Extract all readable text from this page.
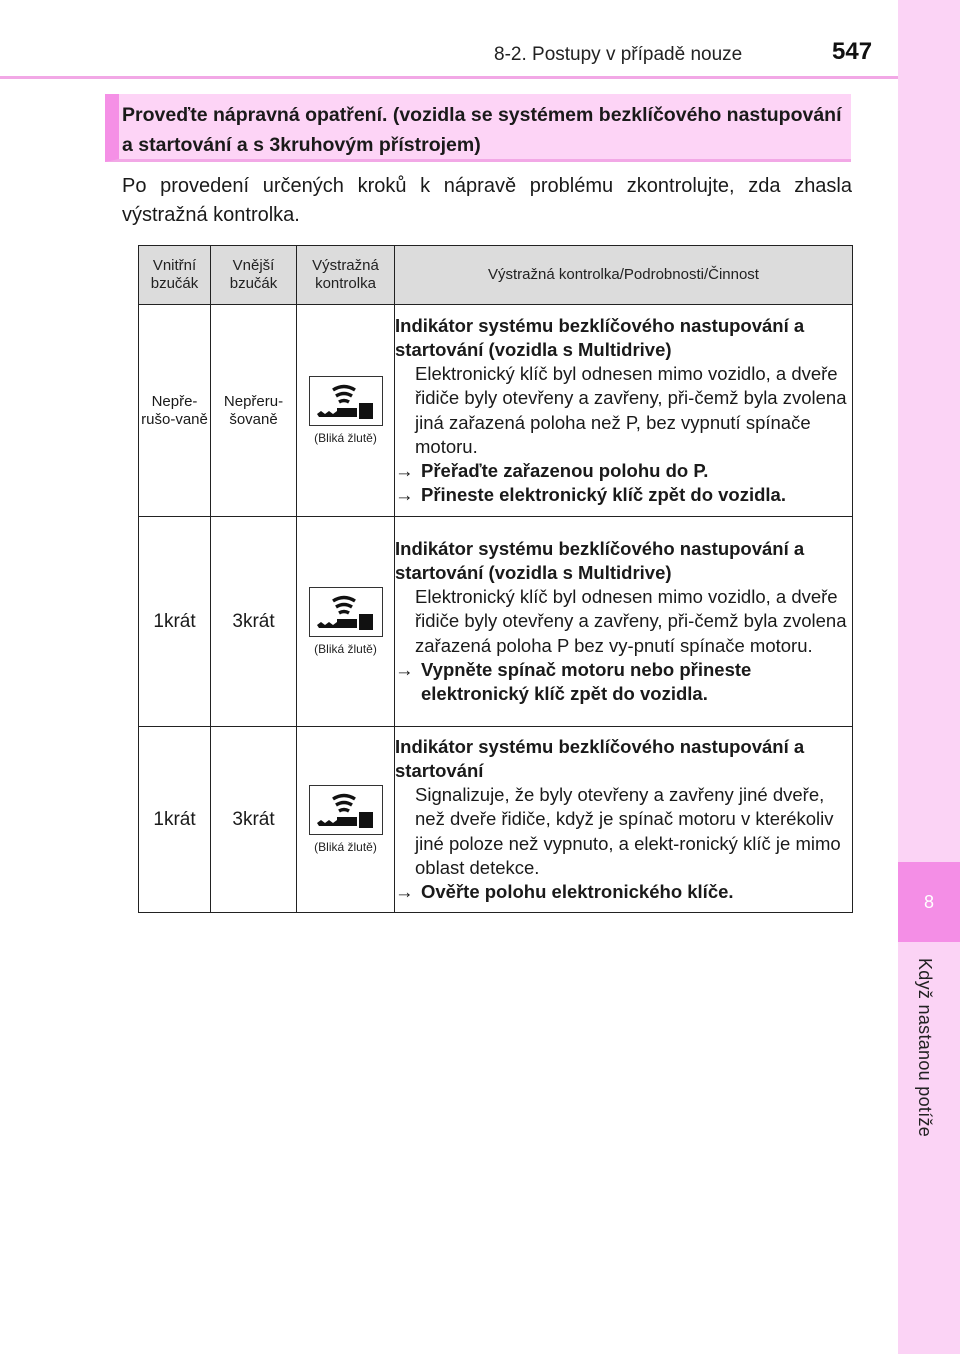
8-2. Postupy v případě nouze	547
8
Když nastanou potíže
Proveďte nápravná opatření. (vozidla se systémem bezklíčového nastupování a startování a s 3kruhovým přístrojem)
Po provedení určených kroků k nápravě problému zkontrolujte, zda zhasla výstražná kontrolka.
Vnitřní bzučák	Vnější bzučák	Výstražná kontrolka	Výstražná kontrolka/Podrobnosti/Činnost
Nepře-rušo-vaně	Nepřeru-šovaně	(Bliká žlutě)	Indikátor systému bezklíčového nastupování a startování (vozidla s Multidrive)
Elektronický klíč byl odnesen mimo vozidlo, a dveře řidiče byly otevřeny a zavřeny, při-čemž byla zvolena jiná zařazená poloha než P, bez vypnutí spínače motoru.
→ Přeřaďte zařazenou polohu do P.
→ Přineste elektronický klíč zpět do vozidla.

1krát	3krát	(Bliká žlutě)	Indikátor systému bezklíčového nastupování a startování (vozidla s Multidrive)
Elektronický klíč byl odnesen mimo vozidlo, a dveře řidiče byly otevřeny a zavřeny, při-čemž byla zvolena zařazená poloha P bez vy-pnutí spínače motoru.
→ Vypněte spínač motoru nebo přineste elektronický klíč zpět do vozidla.

1krát	3krát	(Bliká žlutě)	Indikátor systému bezklíčového nastupování a startování
Signalizuje, že byly otevřeny a zavřeny jiné dveře, než dveře řidiče, když je spínač motoru v kterékoliv jiné poloze než vypnuto, a elekt-ronický klíč je mimo oblast detekce.
→ Ověřte polohu elektronického klíče.
